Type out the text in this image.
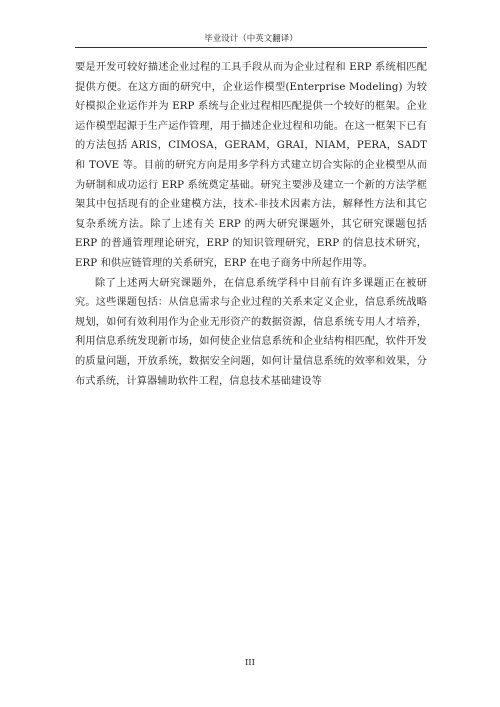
毕业设计（中英文翻译）

要是开发可较好描述企业过程的工具手段从而为企业过程和 ERP 系统相匹配提供方便。在这方面的研究中，企业运作模型(Enterprise Modeling) 为较好模拟企业运作并为 ERP 系统与企业过程相匹配提供一个较好的框架。企业运作模型起源于生产运作管理，用于描述企业过程和功能。在这一框架下已有的方法包括 ARIS，CIMOSA，GERAM，GRAI，NIAM，PERA，SADT 和 TOVE 等。目前的研究方向是用多学科方式建立切合实际的企业模型从而为研制和成功运行 ERP 系统奠定基础。研究主要涉及建立一个新的方法学框架其中包括现有的企业建模方法，技术-非技术因素方法，解释性方法和其它复杂系统方法。除了上述有关 ERP 的两大研究课题外，其它研究课题包括 ERP 的普通管理理论研究，ERP 的知识管理研究，ERP 的信息技术研究，ERP 和供应链管理的关系研究，ERP 在电子商务中所起作用等。

除了上述两大研究课题外，在信息系统学科中目前有许多课题正在被研究。这些课题包括：从信息需求与企业过程的关系来定义企业，信息系统战略规划，如何有效利用作为企业无形资产的数据资源，信息系统专用人才培养，利用信息系统发现新市场，如何使企业信息系统和企业结构相匹配，软件开发的质量问题，开放系统，数据安全问题，如何计量信息系统的效率和效果，分布式系统，计算器辅助软件工程，信息技术基础建设等

III
